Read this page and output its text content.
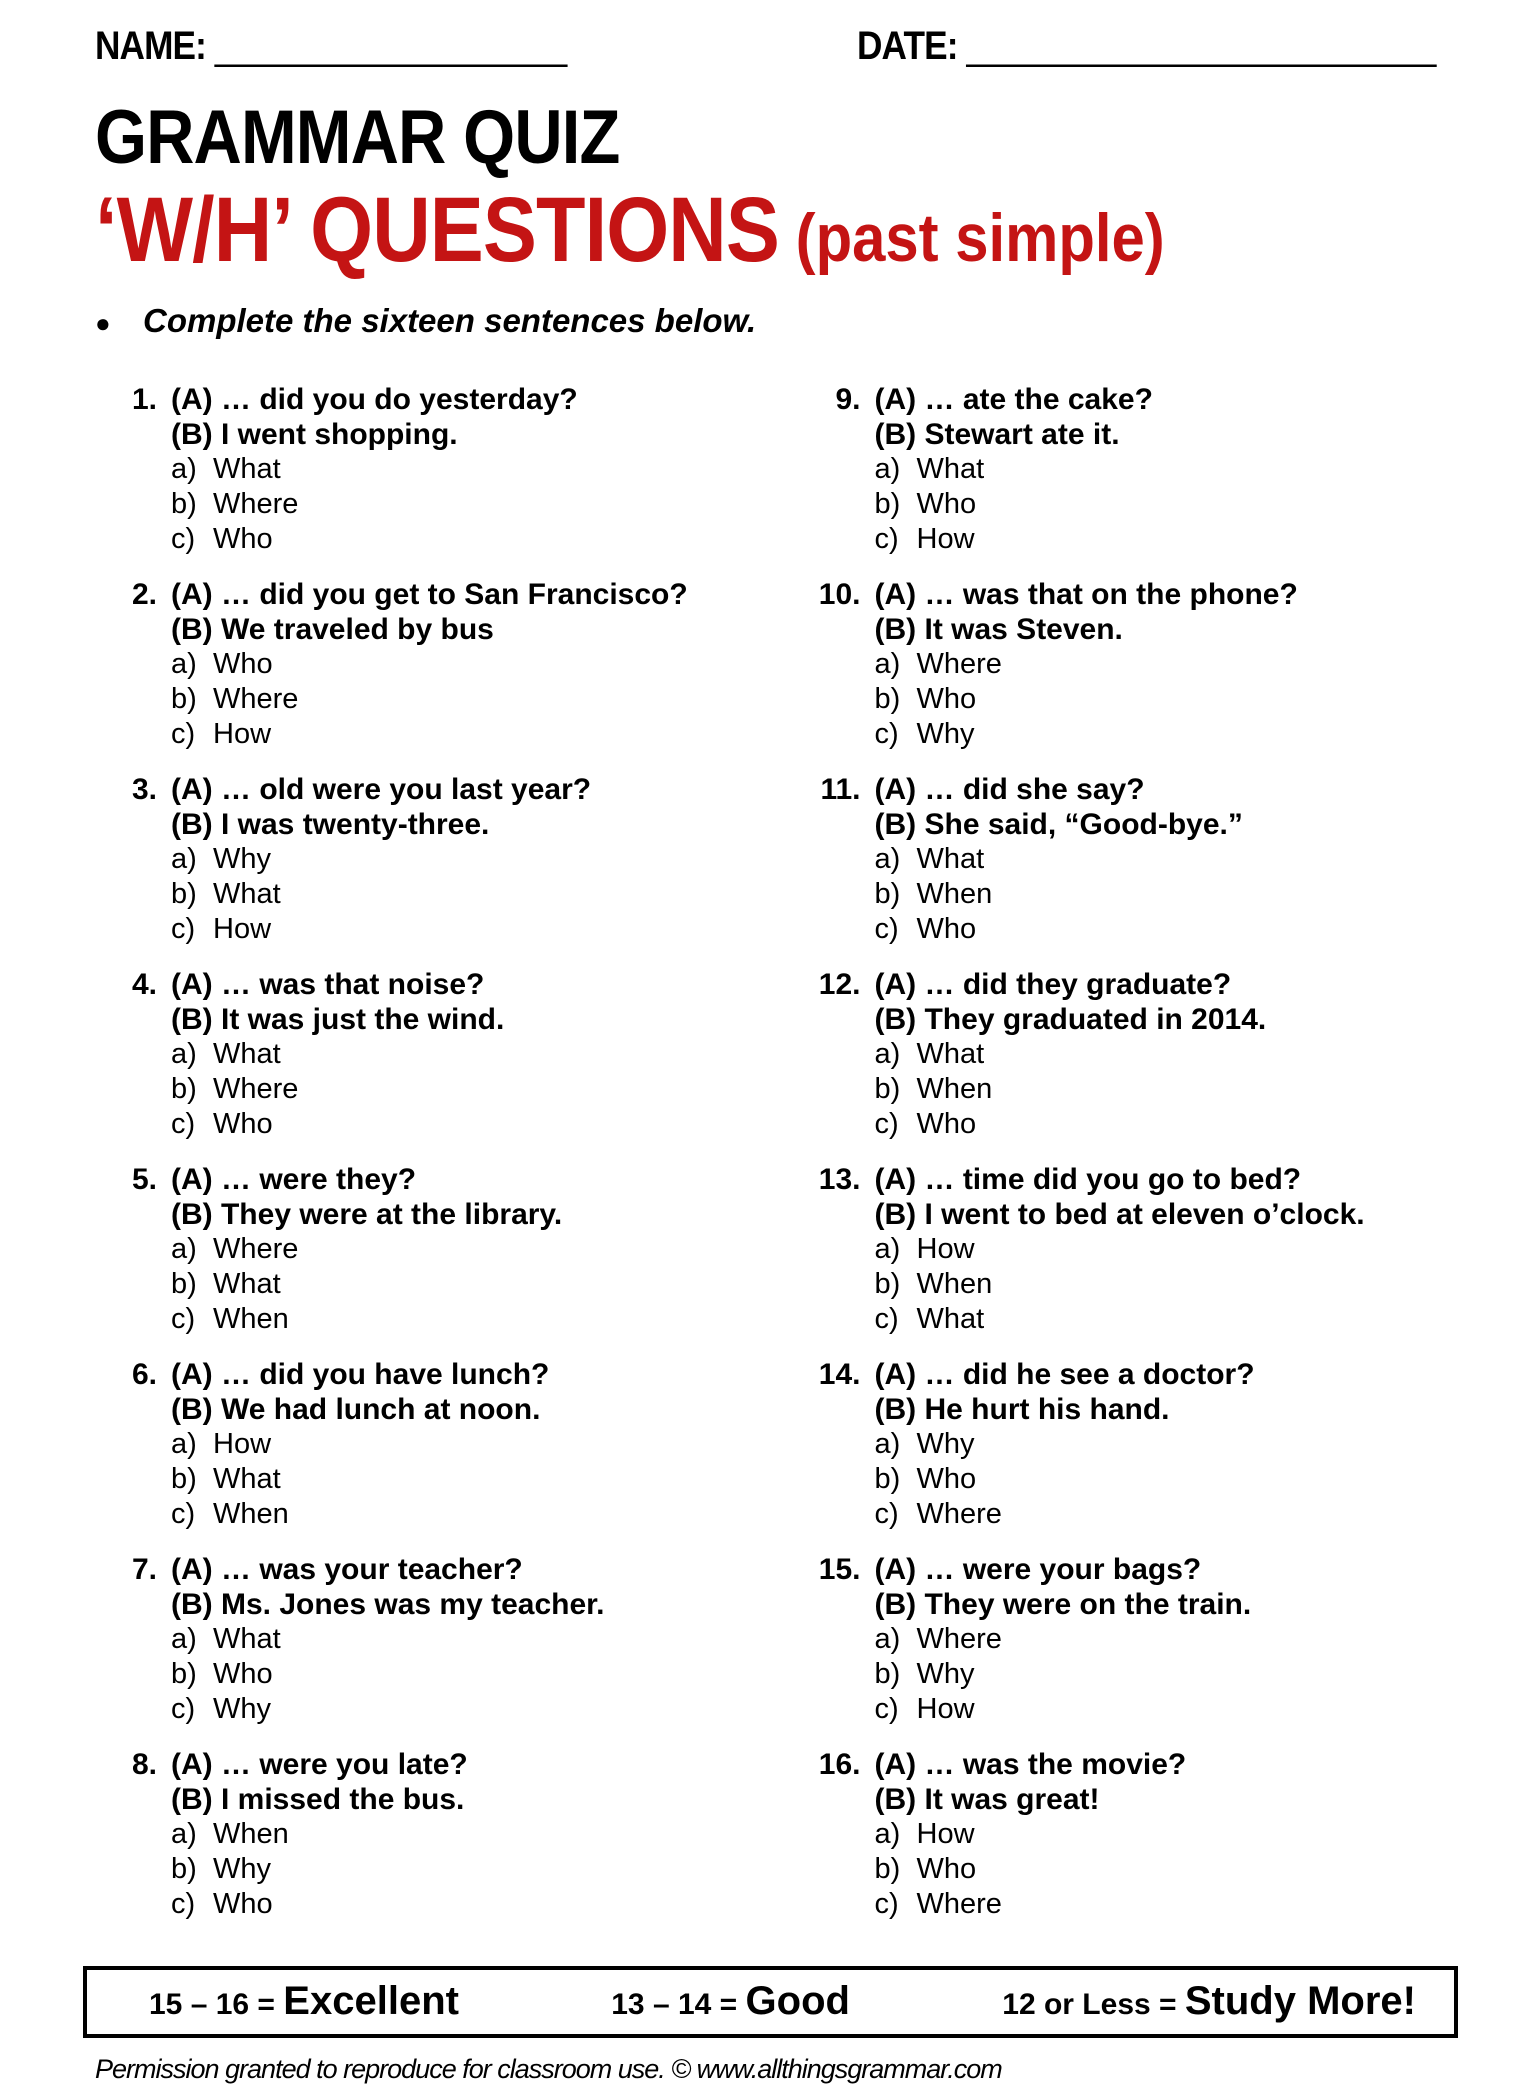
NAME: __________________	DATE: ________________________
GRAMMAR QUIZ
‘W/H’ QUESTIONS (past simple)
● Complete the sixteen sentences below.
1. (A) … did you do yesterday?
(B) I went shopping.
a) What
b) Where
c) Who
2. (A) … did you get to San Francisco?
(B) We traveled by bus
a) Who
b) Where
c) How
3. (A) … old were you last year?
(B) I was twenty-three.
a) Why
b) What
c) How
4. (A) … was that noise?
(B) It was just the wind.
a) What
b) Where
c) Who
5. (A) … were they?
(B) They were at the library.
a) Where
b) What
c) When
6. (A) … did you have lunch?
(B) We had lunch at noon.
a) How
b) What
c) When
7. (A) … was your teacher?
(B) Ms. Jones was my teacher.
a) What
b) Who
c) Why
8. (A) … were you late?
(B) I missed the bus.
a) When
b) Why
c) Who
9. (A) … ate the cake?
(B) Stewart ate it.
a) What
b) Who
c) How
10. (A) … was that on the phone?
(B) It was Steven.
a) Where
b) Who
c) Why
11. (A) … did she say?
(B) She said, “Good-bye.”
a) What
b) When
c) Who
12. (A) … did they graduate?
(B) They graduated in 2014.
a) What
b) When
c) Who
13. (A) … time did you go to bed?
(B) I went to bed at eleven o’clock.
a) How
b) When
c) What
14. (A) … did he see a doctor?
(B) He hurt his hand.
a) Why
b) Who
c) Where
15. (A) … were your bags?
(B) They were on the train.
a) Where
b) Why
c) How
16. (A) … was the movie?
(B) It was great!
a) How
b) Who
c) Where
15 – 16 = Excellent	13 – 14 = Good	12 or Less = Study More!
Permission granted to reproduce for classroom use. © www.allthingsgrammar.com
